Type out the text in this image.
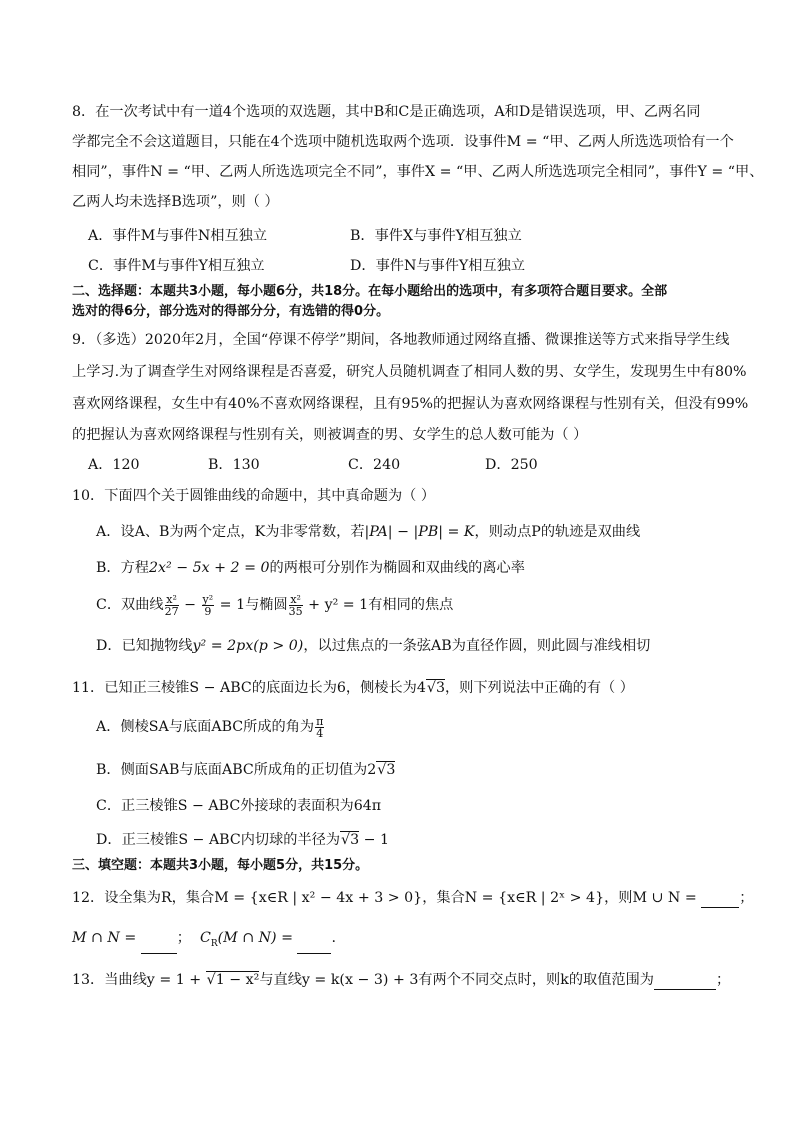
8．在一次考试中有一道4个选项的双选题，其中B和C是正确选项，A和D是错误选项，甲、乙两名同
学都完全不会这道题目，只能在4个选项中随机选取两个选项．设事件M = “甲、乙两人所选选项恰有一个
相同”，事件N = “甲、乙两人所选选项完全不同”，事件X = “甲、乙两人所选选项完全相同”，事件Y = “甲、
乙两人均未选择B选项”，则（ ）
A．事件M与事件N相互独立	B．事件X与事件Y相互独立
C．事件M与事件Y相互独立	D．事件N与事件Y相互独立
二、选择题：本题共3小题，每小题6分，共18分。在每小题给出的选项中，有多项符合题目要求。全部
选对的得6分，部分选对的得部分分，有选错的得0分。
9．（多选）2020年2月，全国“停课不停学”期间，各地教师通过网络直播、微课推送等方式来指导学生线
上学习.为了调查学生对网络课程是否喜爱，研究人员随机调查了相同人数的男、女学生，发现男生中有80%
喜欢网络课程，女生中有40%不喜欢网络课程，且有95%的把握认为喜欢网络课程与性别有关，但没有99%
的把握认为喜欢网络课程与性别有关，则被调查的男、女学生的总人数可能为（ ）
A．120	B．130	C．240	D．250
10．下面四个关于圆锥曲线的命题中，其中真命题为（ ）
A．设A、B为两个定点，K为非零常数，若|PA| − |PB| = K，则动点P的轨迹是双曲线
B．方程2x² − 5x + 2 = 0的两根可分别作为椭圆和双曲线的离心率
C．双曲线 $\frac{\text{x²}}{27} - \frac{\text{y²}}{9} = 1$与椭圆 $\frac{\text{x²}}{35} + y^2 = 1$有相同的焦点
D．已知抛物线y² = 2px(p > 0)，以过焦点的一条弦AB为直径作圆，则此圆与准线相切
11．已知正三棱锥S − ABC的底面边长为6，侧棱长为4√3，则下列说法中正确的有（ ）
A．侧棱SA与底面ABC所成的角为 $\frac{\pi}{4}$
B．侧面SAB与底面ABC所成角的正切值为2√3
C．正三棱锥S − ABC外接球的表面积为64π
D．正三棱锥S − ABC内切球的半径为√3 − 1
三、填空题：本题共3小题，每小题5分，共15分。
12．设全集为R，集合M = {x∈R | x² − 4x + 3 > 0}，集合N = {x∈R | 2ˣ > 4}，则M ∪ N =	；
M ∩ N =	； $C_R(M$ ∩ N) = .
13．当曲线y = 1 + √1 − x²与直线y = k(x − 3) + 3有两个不同交点时，则k的取值范围为	；
